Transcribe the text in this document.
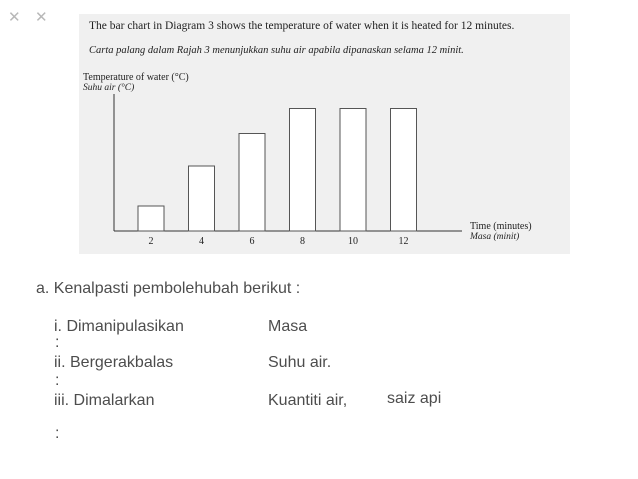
✕ ✕	The bar chart in Diagram 3 shows the temperature of water when it is heated for 12 minutes.
Carta palang dalam Rajah 3 menunjukkan suhu air apabila dipanaskan selama 12 minit.
Temperature of water (°C)
Suhu air (°C)
Time (minutes)
Masa (minit)
2	4	6	8	10	12
a. Kenalpasti pembolehubah berikut :
i. Dimanipulasikan
:
Masa
ii. Bergerakbalas
:
Suhu air.
iii. Dimalarkan
:
Kuantiti air, saiz api
